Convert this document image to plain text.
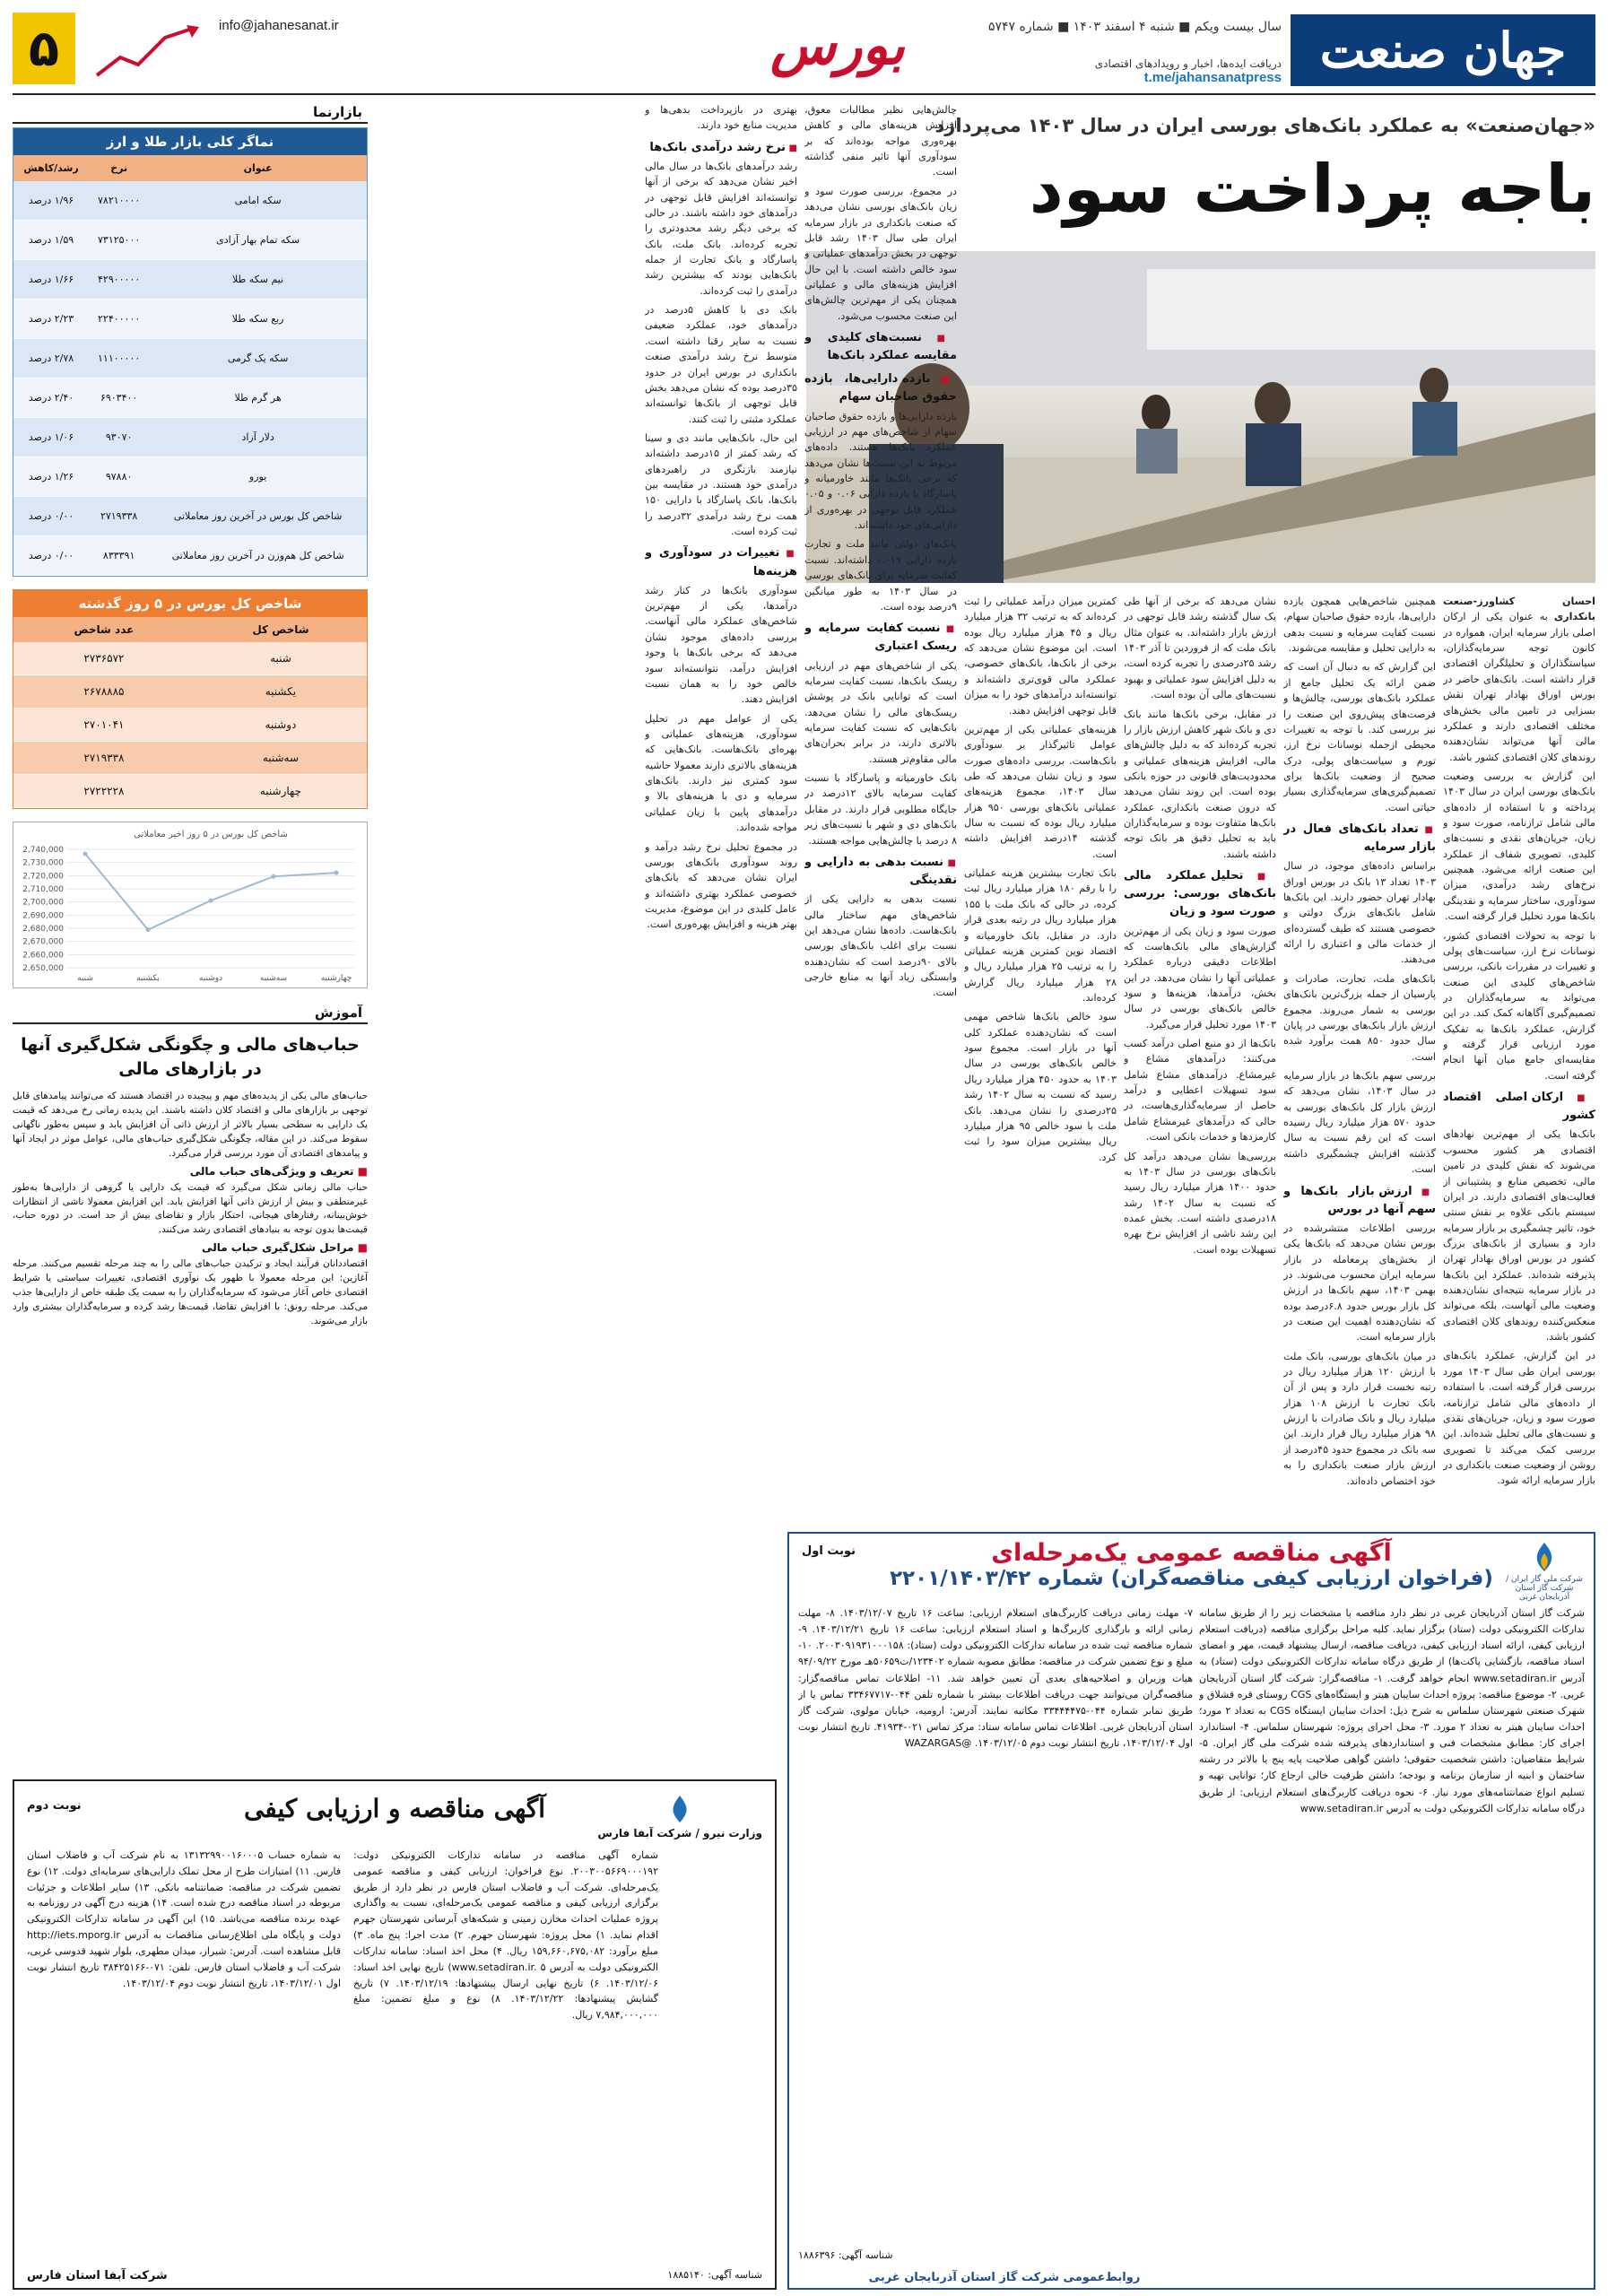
جهان صنعت
سال بیست ویکم ■ شنبه ۴ اسفند ۱۴۰۳ ■ شماره ۵۷۴۷
دریافت ایده‌ها، اخبار و رویدادهای اقتصادی
t.me/jahansanatpress
بورس
info@jahanesanat.ir
۵
«جهان‌صنعت» به عملکرد بانک‌های بورسی ایران در سال ۱۴۰۳ می‌پردازد
باجه پرداخت سود

احسان کشاورز-صنعت بانکداری به عنوان یکی از ارکان اصلی بازار سرمایه ایران، همواره در کانون توجه سرمایه‌گذاران، سیاستگذاران و تحلیلگران اقتصادی قرار داشته است. بانک‌های حاضر در بورس اوراق بهادار تهران نقش بسزایی در تامین مالی بخش‌های مختلف اقتصادی دارند و عملکرد مالی آنها می‌تواند نشان‌دهنده روندهای کلان اقتصادی کشور باشد.

این گزارش به بررسی وضعیت بانک‌های بورسی ایران در سال ۱۴۰۳ پرداخته و با استفاده از داده‌های مالی شامل ترازنامه، صورت سود و زیان، جریان‌های نقدی و نسبت‌های کلیدی، تصویری شفاف از عملکرد این صنعت ارائه می‌شود. همچنین نرخ‌های رشد درآمدی، میزان سودآوری، ساختار سرمایه و نقدینگی بانک‌ها مورد تحلیل قرار گرفته است.

با توجه به تحولات اقتصادی کشور، نوسانات نرخ ارز، سیاست‌های پولی و تغییرات در مقررات بانکی، بررسی شاخص‌های کلیدی این صنعت می‌تواند به سرمایه‌گذاران در تصمیم‌گیری آگاهانه کمک کند. در این گزارش، عملکرد بانک‌ها به تفکیک مورد ارزیابی قرار گرفته و مقایسه‌ای جامع میان آنها انجام گرفته است.

■ ارکان اصلی اقتصاد کشور

بانک‌ها یکی از مهم‌ترین نهادهای اقتصادی هر کشور محسوب می‌شوند که نقش کلیدی در تامین مالی، تخصیص منابع و پشتیبانی از فعالیت‌های اقتصادی دارند. در ایران سیستم بانکی علاوه بر نقش سنتی خود، تاثیر چشمگیری بر بازار سرمایه دارد و بسیاری از بانک‌های بزرگ کشور در بورس اوراق بهادار تهران پذیرفته شده‌اند. عملکرد این بانک‌ها در بازار سرمایه نتیجه‌ای نشان‌دهنده وضعیت مالی آنهاست، بلکه می‌تواند منعکس‌کننده روندهای کلان اقتصادی کشور باشد.

در این گزارش، عملکرد بانک‌های بورسی ایران طی سال ۱۴۰۳ مورد بررسی قرار گرفته است. با استفاده از داده‌های مالی شامل ترازنامه، صورت سود و زیان، جریان‌های نقدی و نسبت‌های مالی تحلیل شده‌اند. این بررسی کمک می‌کند تا تصویری روشن از وضعیت صنعت بانکداری در بازار سرمایه ارائه شود.

همچنین شاخص‌هایی همچون بازده دارایی‌ها، بازده حقوق صاحبان سهام، نسبت کفایت سرمایه و نسبت بدهی به دارایی تحلیل و مقایسه می‌شوند.

این گزارش که به دنبال آن است که ضمن ارائه یک تحلیل جامع از عملکرد بانک‌های بورسی، چالش‌ها و فرصت‌های پیش‌روی این صنعت را نیز بررسی کند. با توجه به تغییرات محیطی ازجمله نوسانات نرخ ارز، تورم و سیاست‌های پولی، درک صحیح از وضعیت بانک‌ها برای تصمیم‌گیری‌های سرمایه‌گذاری بسیار حیاتی است.

■ تعداد بانک‌های فعال در بازار سرمایه

براساس داده‌های موجود، در سال ۱۴۰۳ تعداد ۱۳ بانک در بورس اوراق بهادار تهران حضور دارند. این بانک‌ها شامل بانک‌های بزرگ دولتی و خصوصی هستند که طیف گسترده‌ای از خدمات مالی و اعتباری را ارائه می‌دهند.

بانک‌های ملت، تجارت، صادرات و پارسیان از جمله بزرگ‌ترین بانک‌های بورسی به شمار می‌روند. مجموع ارزش بازار بانک‌های بورسی در پایان سال حدود ۸۵۰ همت برآورد شده است.

بررسی سهم بانک‌ها در بازار سرمایه در سال ۱۴۰۳، نشان می‌دهد که ارزش بازار کل بانک‌های بورسی به حدود ۵۷۰ هزار میلیارد ریال رسیده است که این رقم نسبت به سال گذشته افزایش چشمگیری داشته است.

■ ارزش بازار بانک‌ها و سهم آنها در بورس

بررسی اطلاعات منتشرشده در بورس نشان می‌دهد که بانک‌ها یکی از بخش‌های پرمعامله در بازار سرمایه ایران محسوب می‌شوند. در بهمن ۱۴۰۳، سهم بانک‌ها در ارزش کل بازار بورس حدود ۶.۸درصد بوده که نشان‌دهنده اهمیت این صنعت در بازار سرمایه است.

در میان بانک‌های بورسی، بانک ملت با ارزش ۱۲۰ هزار میلیارد ریال در رتبه نخست قرار دارد و پس از آن بانک تجارت با ارزش ۱۰۸ هزار میلیارد ریال و بانک صادرات با ارزش ۹۸ هزار میلیارد ریال قرار دارند. این سه بانک در مجموع حدود ۴۵درصد از ارزش بازار صنعت بانکداری را به خود اختصاص داده‌اند.

نشان می‌دهد که برخی از آنها طی یک سال گذشته رشد قابل توجهی در ارزش بازار داشته‌اند. به عنوان مثال بانک ملت که از فروردین تا آذر ۱۴۰۳ رشد ۲۵درصدی را تجربه کرده است، به دلیل افزایش سود عملیاتی و بهبود نسبت‌های مالی آن بوده است.

در مقابل، برخی بانک‌ها مانند بانک دی و بانک شهر کاهش ارزش بازار را تجربه کرده‌اند که به دلیل چالش‌های مالی، افزایش هزینه‌های عملیاتی و محدودیت‌های قانونی در حوزه بانکی بوده است. این روند نشان می‌دهد که درون صنعت بانکداری، عملکرد بانک‌ها متفاوت بوده و سرمایه‌گذاران باید به تحلیل دقیق هر بانک توجه داشته باشند.

■ تحلیل عملکرد مالی بانک‌های بورسی: بررسی صورت سود و زیان

صورت سود و زیان یکی از مهم‌ترین گزارش‌های مالی بانک‌هاست که اطلاعات دقیقی درباره عملکرد عملیاتی آنها را نشان می‌دهد. در این بخش، درآمدها، هزینه‌ها و سود خالص بانک‌های بورسی در سال ۱۴۰۳ مورد تحلیل قرار می‌گیرد.

بانک‌ها از دو منبع اصلی درآمد کسب می‌کنند: درآمدهای مشاع و غیرمشاع. درآمدهای مشاع شامل سود تسهیلات اعطایی و درآمد حاصل از سرمایه‌گذاری‌هاست، در حالی که درآمدهای غیرمشاع شامل کارمزدها و خدمات بانکی است.

بررسی‌ها نشان می‌دهد درآمد کل بانک‌های بورسی در سال ۱۴۰۳ به حدود ۱۴۰۰ هزار میلیارد ریال رسید که نسبت به سال ۱۴۰۲ رشد ۱۸درصدی داشته است. بخش عمده این رشد ناشی از افزایش نرخ بهره تسهیلات بوده است.

کمترین میزان درآمد عملیاتی را ثبت کرده‌اند که به ترتیب ۳۲ هزار میلیارد ریال و ۴۵ هزار میلیارد ریال بوده است. این موضوع نشان می‌دهد که برخی از بانک‌ها، بانک‌های خصوصی، عملکرد مالی قوی‌تری داشته‌اند و توانسته‌اند درآمدهای خود را به میزان قابل توجهی افزایش دهند.

هزینه‌های عملیاتی یکی از مهم‌ترین عوامل تاثیرگذار بر سودآوری بانک‌هاست. بررسی داده‌های صورت سود و زیان نشان می‌دهد که طی سال ۱۴۰۳، مجموع هزینه‌های عملیاتی بانک‌های بورسی ۹۵۰ هزار میلیارد ریال بوده که نسبت به سال گذشته ۱۴درصد افزایش داشته است.

بانک تجارت بیشترین هزینه عملیاتی را با رقم ۱۸۰ هزار میلیارد ریال ثبت کرده، در حالی که بانک ملت با ۱۵۵ هزار میلیارد ریال در رتبه بعدی قرار دارد. در مقابل، بانک خاورمیانه و اقتصاد نوین کمترین هزینه عملیاتی را به ترتیب ۲۵ هزار میلیارد ریال و ۲۸ هزار میلیارد ریال گزارش کرده‌اند.

سود خالص بانک‌ها شاخص مهمی است که نشان‌دهنده عملکرد کلی آنها در بازار است. مجموع سود خالص بانک‌های بورسی در سال ۱۴۰۳ به حدود ۴۵۰ هزار میلیارد ریال رسید که نسبت به سال ۱۴۰۲ رشد ۲۵درصدی را نشان می‌دهد. بانک ملت با سود خالص ۹۵ هزار میلیارد ریال بیشترین میزان سود را ثبت کرد.

چالش‌هایی نظیر مطالبات معوق، افزایش هزینه‌های مالی و کاهش بهره‌وری مواجه بوده‌اند که بر سودآوری آنها تاثیر منفی گذاشته است.

در مجموع، بررسی صورت سود و زیان بانک‌های بورسی نشان می‌دهد که صنعت بانکداری در بازار سرمایه ایران طی سال ۱۴۰۳ رشد قابل توجهی در بخش درآمدهای عملیاتی و سود خالص داشته است. با این حال افزایش هزینه‌های مالی و عملیاتی همچنان یکی از مهم‌ترین چالش‌های این صنعت محسوب می‌شود.

■ نسبت‌های کلیدی و مقایسه عملکرد بانک‌ها
■ بازده دارایی‌ها، بازده حقوق صاحبان سهام

بازده دارایی‌ها و بازده حقوق صاحبان سهام از شاخص‌های مهم در ارزیابی عملکرد بانک‌ها هستند. داده‌های مربوط به این نسبت‌ها نشان می‌دهد که برخی بانک‌ها مانند خاورمیانه و پاسارگاد با بازده دارایی ۰.۰۶ و ۰.۰۵ عملکرد قابل توجهی در بهره‌وری از دارایی‌های خود داشته‌اند.

بانک‌های دولتی مانند ملت و تجارت بازده دارایی ۰.۰۱۹ داشته‌اند. نسبت کفایت سرمایه برای بانک‌های بورسی در سال ۱۴۰۳ به طور میانگین ۹درصد بوده است.

■ نسبت کفایت سرمایه و ریسک اعتباری

یکی از شاخص‌های مهم در ارزیابی ریسک بانک‌ها، نسبت کفایت سرمایه است که توانایی بانک در پوشش ریسک‌های مالی را نشان می‌دهد. بانک‌هایی که نسبت کفایت سرمایه بالاتری دارند، در برابر بحران‌های مالی مقاوم‌تر هستند.

بانک خاورمیانه و پاسارگاد با نسبت کفایت سرمایه بالای ۱۲درصد در جایگاه مطلوبی قرار دارند. در مقابل بانک‌های دی و شهر با نسبت‌های زیر ۸ درصد با چالش‌هایی مواجه هستند.

■ نسبت بدهی به دارایی و نقدینگی

نسبت بدهی به دارایی یکی از شاخص‌های مهم ساختار مالی بانک‌هاست. داده‌ها نشان می‌دهد این نسبت برای اغلب بانک‌های بورسی بالای ۹۰درصد است که نشان‌دهنده وابستگی زیاد آنها به منابع خارجی است.

بهتری در بازپرداخت بدهی‌ها و مدیریت منابع خود دارند.

■ نرخ رشد درآمدی بانک‌ها

رشد درآمدهای بانک‌ها در سال مالی اخیر نشان می‌دهد که برخی از آنها توانسته‌اند افزایش قابل توجهی در درآمدهای خود داشته باشند. در حالی که برخی دیگر رشد محدودتری را تجربه کرده‌اند. بانک ملت، بانک پاسارگاد و بانک تجارت از جمله بانک‌هایی بودند که بیشترین رشد درآمدی را ثبت کرده‌اند.

بانک دی با کاهش ۵درصد در درآمدهای خود، عملکرد ضعیفی نسبت به سایر رقبا داشته است. متوسط نرخ رشد درآمدی صنعت بانکداری در بورس ایران در حدود ۳۵درصد بوده که نشان می‌دهد بخش قابل توجهی از بانک‌ها توانسته‌اند عملکرد مثبتی را ثبت کنند.

این حال، بانک‌هایی مانند دی و سینا که رشد کمتر از ۱۵درصد داشته‌اند نیازمند بازنگری در راهبردهای درآمدی خود هستند. در مقایسه بین بانک‌ها، بانک پاسارگاد با دارایی ۱۵۰ همت نرخ رشد درآمدی ۳۲درصد را ثبت کرده است.

■ تغییرات در سودآوری و هزینه‌ها

سودآوری بانک‌ها در کنار رشد درآمدها، یکی از مهم‌ترین شاخص‌های عملکرد مالی آنهاست. بررسی داده‌های موجود نشان می‌دهد که برخی بانک‌ها با وجود افزایش درآمد، نتوانسته‌اند سود خالص خود را به همان نسبت افزایش دهند.

یکی از عوامل مهم در تحلیل سودآوری، هزینه‌های عملیاتی و بهره‌ای بانک‌هاست. بانک‌هایی که هزینه‌های بالاتری دارند معمولا حاشیه سود کمتری نیز دارند. بانک‌های سرمایه و دی با هزینه‌های بالا و درآمدهای پایین با زیان عملیاتی مواجه شده‌اند.

در مجموع تحلیل نرخ رشد درآمد و روند سودآوری بانک‌های بورسی ایران نشان می‌دهد که بانک‌های خصوصی عملکرد بهتری داشته‌اند و عامل کلیدی در این موضوع، مدیریت بهتر هزینه و افزایش بهره‌وری است.

بازارنما
نماگر کلی بازار طلا و ارز
عنوان	نرخ	رشد/کاهش
سکه امامی	۷۸۲۱۰۰۰۰	۱/۹۶ درصد
سکه تمام بهار آزادی	۷۳۱۲۵۰۰۰	۱/۵۹ درصد
نیم سکه طلا	۴۲۹۰۰۰۰۰	۱/۶۶ درصد
ربع سکه طلا	۲۲۴۰۰۰۰۰	۲/۲۳ درصد
سکه یک گرمی	۱۱۱۰۰۰۰۰	۲/۷۸ درصد
هر گرم طلا	۶۹۰۳۴۰۰	۲/۴۰ درصد
دلار آزاد	۹۳۰۷۰	۱/۰۶ درصد
یورو	۹۷۸۸۰	۱/۲۶ درصد
شاخص کل بورس در آخرین روز معاملاتی	۲۷۱۹۳۳۸	۰/۰۰ درصد
شاخص کل هم‌وزن در آخرین روز معاملاتی	۸۳۳۳۹۱	۰/۰۰ درصد
شاخص کل بورس در ۵ روز گذشته
شاخص کل	عدد شاخص
شنبه	۲۷۳۶۵۷۲
یکشنبه	۲۶۷۸۸۸۵
دوشنبه	۲۷۰۱۰۴۱
سه‌شنبه	۲۷۱۹۳۳۸
چهارشنبه	۲۷۲۲۲۲۸
شاخص کل بورس در ۵ روز اخیر معاملاتی
2,740,000
2,730,000
2,720,000
2,710,000
2,700,000
2,690,000
2,680,000
2,670,000
2,660,000
2,650,000
شنبه	یکشنبه	دوشنبه	سه‌شنبه	چهارشنبه
آموزش
حباب‌های مالی و چگونگی شکل‌گیری آنها در بازارهای مالی

حباب‌های مالی یکی از پدیده‌های مهم و پیچیده در اقتصاد هستند که می‌توانند پیامدهای قابل توجهی بر بازارهای مالی و اقتصاد کلان داشته باشند. این پدیده زمانی رخ می‌دهد که قیمت یک دارایی به سطحی بسیار بالاتر از ارزش ذاتی آن افزایش یابد و سپس به‌طور ناگهانی سقوط می‌کند. در این مقاله، چگونگی شکل‌گیری حباب‌های مالی، عوامل موثر در ایجاد آنها و پیامدهای اقتصادی آن مورد بررسی قرار می‌گیرد.

■ تعریف و ویژگی‌های حباب مالی

حباب مالی زمانی شکل می‌گیرد که قیمت یک دارایی یا گروهی از دارایی‌ها به‌طور غیرمنطقی و بیش از ارزش ذاتی آنها افزایش یابد. این افزایش معمولا ناشی از انتظارات خوش‌بینانه، رفتارهای هیجانی، احتکار بازار و تقاضای بیش از حد است. در دوره حباب، قیمت‌ها بدون توجه به بنیادهای اقتصادی رشد می‌کنند.

■ مراحل شکل‌گیری حباب مالی

اقتصاددانان فرآیند ایجاد و ترکیدن حباب‌های مالی را به چند مرحله تقسیم می‌کنند. مرحله آغازین: این مرحله معمولا با ظهور یک نوآوری اقتصادی، تغییرات سیاستی یا شرایط اقتصادی خاص آغاز می‌شود که سرمایه‌گذاران را به سمت یک طبقه خاص از دارایی‌ها جذب می‌کند. مرحله رونق: با افزایش تقاضا، قیمت‌ها رشد کرده و سرمایه‌گذاران بیشتری وارد بازار می‌شوند.

شرکت ملی گاز ایران / شرکت گاز استان آذربایجان غربی
نوبت اول	آگهی مناقصه عمومی یک‌مرحله‌ای
(فراخوان ارزیابی کیفی مناقصه‌گران) شماره ۲۲۰۱/۱۴۰۳/۴۲
شرکت گاز استان آذربایجان غربی در نظر دارد مناقصه با مشخصات زیر را از طریق سامانه تدارکات الکترونیکی دولت (ستاد) برگزار نماید. کلیه مراحل برگزاری مناقصه (دریافت استعلام ارزیابی کیفی، ارائه اسناد ارزیابی کیفی، دریافت مناقصه، ارسال پیشنهاد قیمت، مهر و امضای اسناد مناقصه، بازگشایی پاکت‌ها) از طریق درگاه سامانه تدارکات الکترونیکی دولت (ستاد) به آدرس www.setadiran.ir انجام خواهد گرفت. ۱- مناقصه‌گزار: شرکت گاز استان آذربایجان غربی. ۲- موضوع مناقصه: پروژه احداث سایبان هیتر و ایستگاه‌های CGS روستای قره قشلاق و شهرک صنعتی شهرستان سلماس به شرح ذیل: احداث سایبان ایستگاه CGS به تعداد ۲ مورد؛ احداث سایبان هیتر به تعداد ۲ مورد. ۳- محل اجرای پروژه: شهرستان سلماس. ۴- استاندارد اجرای کار: مطابق مشخصات فنی و استانداردهای پذیرفته شده شرکت ملی گاز ایران. ۵- شرایط متقاضیان: داشتن شخصیت حقوقی؛ داشتن گواهی صلاحیت پایه پنج یا بالاتر در رشته ساختمان و ابنیه از سازمان برنامه و بودجه؛ داشتن ظرفیت خالی ارجاع کار؛ توانایی تهیه و تسلیم انواع ضمانتنامه‌های مورد نیاز. ۶- نحوه دریافت کاربرگ‌های استعلام ارزیابی: از طریق درگاه سامانه تدارکات الکترونیکی دولت به آدرس www.setadiran.ir
۷- مهلت زمانی دریافت کاربرگ‌های استعلام ارزیابی: ساعت ۱۶ تاریخ ۱۴۰۳/۱۲/۰۷. ۸- مهلت زمانی ارائه و بارگذاری کاربرگ‌ها و اسناد استعلام ارزیابی: ساعت ۱۶ تاریخ ۱۴۰۳/۱۲/۲۱. ۹- شماره مناقصه ثبت شده در سامانه تدارکات الکترونیکی دولت (ستاد): ۲۰۰۳۰۹۱۹۳۱۰۰۰۱۵۸. ۱۰- مبلغ و نوع تضمین شرکت در مناقصه: مطابق مصوبه شماره ۱۲۳۴۰۲/ت۵۰۶۵۹هـ مورخ ۹۴/۰۹/۲۲ هیات وزیران و اصلاحیه‌های بعدی آن تعیین خواهد شد. ۱۱- اطلاعات تماس مناقصه‌گزار: مناقصه‌گران می‌توانند جهت دریافت اطلاعات بیشتر با شماره تلفن ۰۴۴-۳۳۴۶۷۷۱۷ تماس یا از طریق نمابر شماره ۰۴۴-۳۳۴۴۴۴۷۵ مکاتبه نمایند. آدرس: ارومیه، خیابان مولوی، شرکت گاز استان آذربایجان غربی. اطلاعات تماس سامانه ستاد: مرکز تماس ۰۲۱-۴۱۹۳۴. تاریخ انتشار نوبت اول ۱۴۰۳/۱۲/۰۴، تاریخ انتشار نوبت دوم ۱۴۰۳/۱۲/۰۵. @WAZARGAS
شناسه آگهی: ۱۸۸۶۳۹۶
روابط‌عمومی شرکت گاز استان آذربایجان غربی
نوبت دوم
وزارت نیرو / شرکت آبفا فارس
آگهی مناقصه و ارزیابی کیفی
شماره آگهی مناقصه در سامانه تدارکات الکترونیکی دولت: ۲۰۰۳۰۰۵۶۶۹۰۰۰۱۹۲. نوع فراخوان: ارزیابی کیفی و مناقصه عمومی یک‌مرحله‌ای. شرکت آب و فاضلاب استان فارس در نظر دارد از طریق برگزاری ارزیابی کیفی و مناقصه عمومی یک‌مرحله‌ای، نسبت به واگذاری پروژه عملیات احداث مخازن زمینی و شبکه‌های آبرسانی شهرستان جهرم اقدام نماید. ۱) محل پروژه: شهرستان جهرم. ۲) مدت اجرا: پنج ماه. ۳) مبلغ برآورد: ۱۵۹,۶۶۰,۶۷۵,۰۸۲ ریال. ۴) محل اخذ اسناد: سامانه تدارکات الکترونیکی دولت به آدرس www.setadiran.ir. ۵) تاریخ نهایی اخذ اسناد: ۱۴۰۳/۱۲/۰۶. ۶) تاریخ نهایی ارسال پیشنهادها: ۱۴۰۳/۱۲/۱۹. ۷) تاریخ گشایش پیشنهادها: ۱۴۰۳/۱۲/۲۲. ۸) نوع و مبلغ تضمین: مبلغ ۷,۹۸۴,۰۰۰,۰۰۰ ریال.
به شماره حساب ۱۳۱۳۲۹۹۰۰۱۶۰۰۰۵ به نام شرکت آب و فاضلاب استان فارس. ۱۱) امتیازات طرح از محل تملک دارایی‌های سرمایه‌ای دولت. ۱۲) نوع تضمین شرکت در مناقصه: ضمانتنامه بانکی. ۱۳) سایر اطلاعات و جزئیات مربوطه در اسناد مناقصه درج شده است. ۱۴) هزینه درج آگهی در روزنامه به عهده برنده مناقصه می‌باشد. ۱۵) این آگهی در سامانه تدارکات الکترونیکی دولت و پایگاه ملی اطلاع‌رسانی مناقصات به آدرس http://iets.mporg.ir قابل مشاهده است. آدرس: شیراز، میدان مطهری، بلوار شهید قدوسی غربی، شرکت آب و فاضلاب استان فارس. تلفن: ۰۷۱-۳۸۴۲۵۱۶۶ تاریخ انتشار نوبت اول ۱۴۰۳/۱۲/۰۱، تاریخ انتشار نوبت دوم ۱۴۰۳/۱۲/۰۴.
شرکت آبفا استان فارس	شناسه آگهی: ۱۸۸۵۱۴۰
